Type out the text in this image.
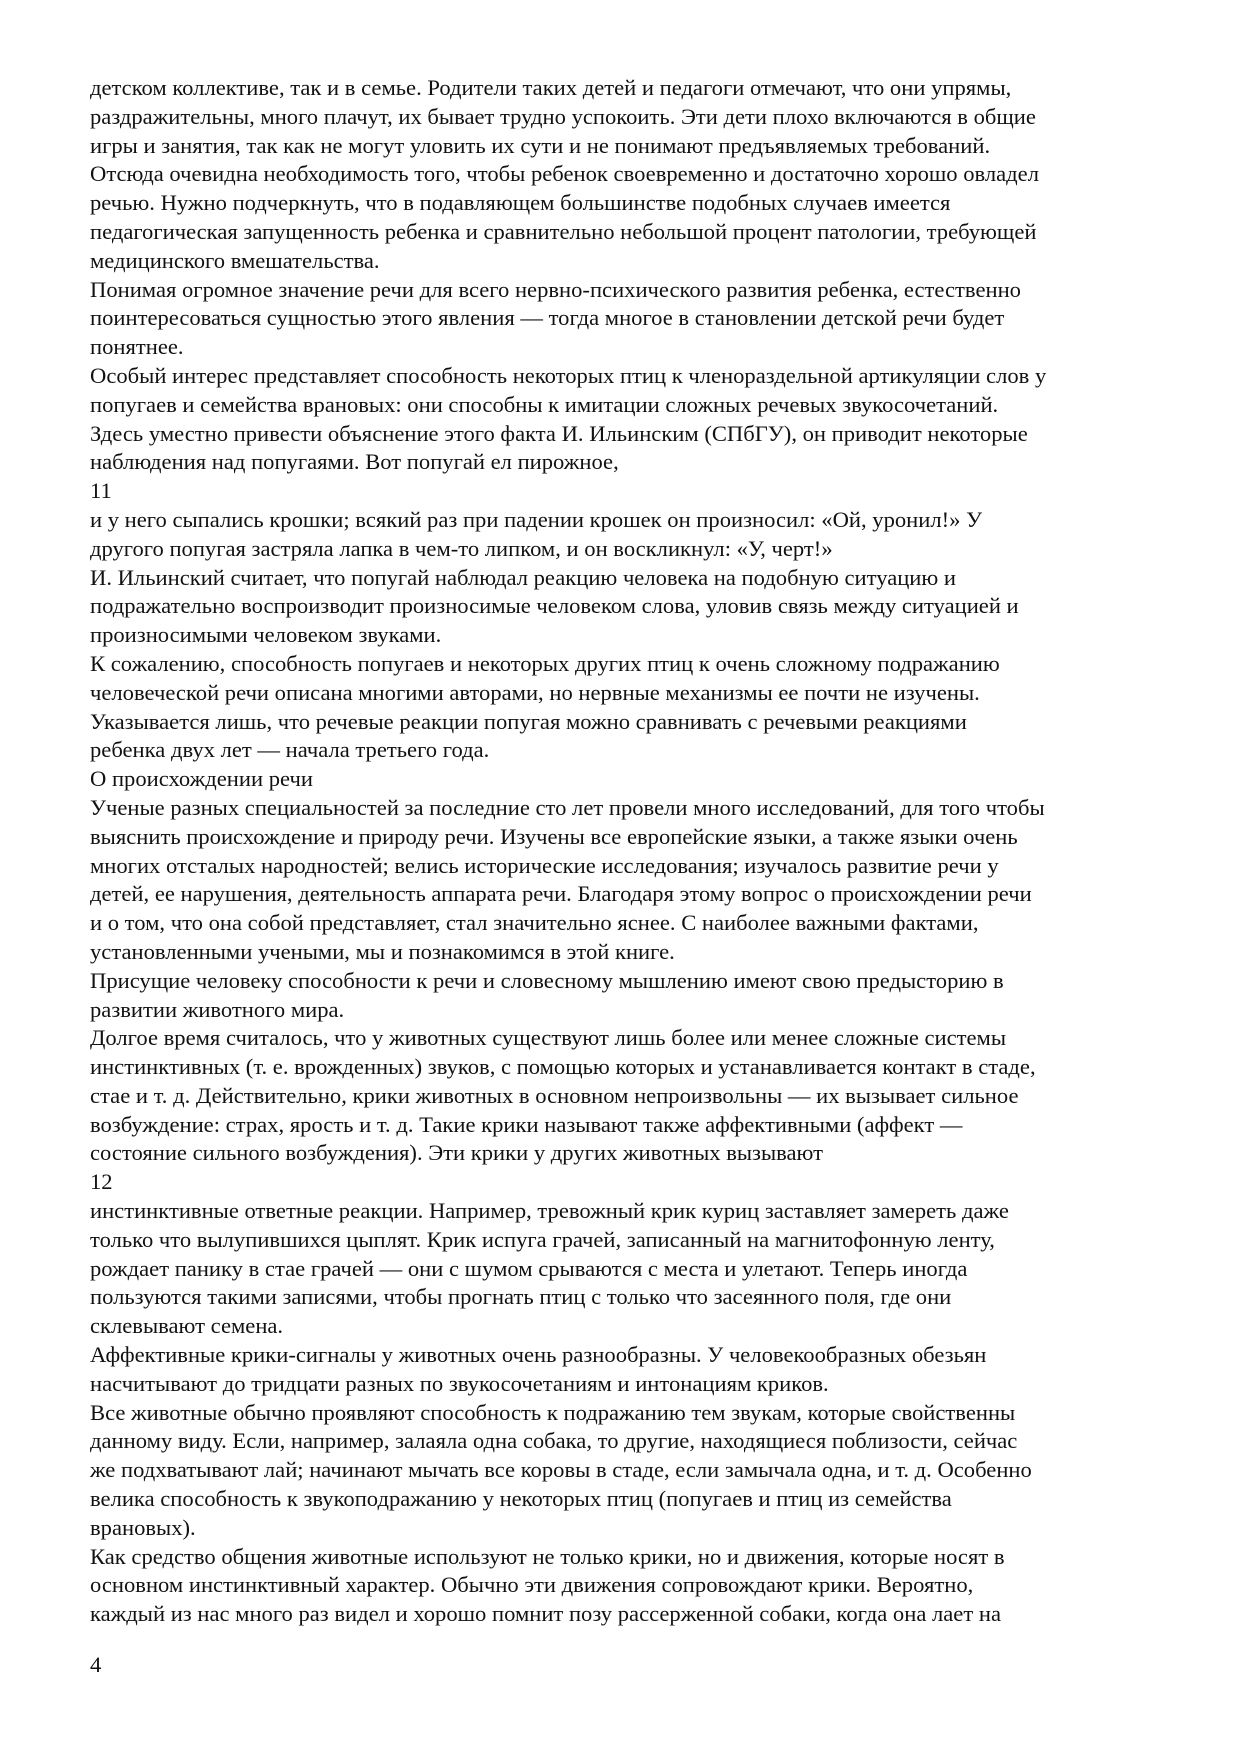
детском коллективе, так и в семье. Родители таких детей и педагоги отмечают, что они упрямы,
раздражительны, много плачут, их бывает трудно успокоить. Эти дети плохо включаются в общие
игры и занятия, так как не могут уловить их сути и не понимают предъявляемых требований.
Отсюда очевидна необходимость того, чтобы ребенок своевременно и достаточно хорошо овладел
речью. Нужно подчеркнуть, что в подавляющем большинстве подобных случаев имеется
педагогическая запущенность ребенка и сравнительно небольшой процент патологии, требующей
медицинского вмешательства.
Понимая огромное значение речи для всего нервно-психического развития ребенка, естественно
поинтересоваться сущностью этого явления — тогда многое в становлении детской речи будет
понятнее.
Особый интерес представляет способность некоторых птиц к членораздельной артикуляции слов у
попугаев и семейства врановых: они способны к имитации сложных речевых звукосочетаний.
Здесь уместно привести объяснение этого факта И. Ильинским (СПбГУ), он приводит некоторые
наблюдения над попугаями. Вот попугай ел пирожное,
11
и у него сыпались крошки; всякий раз при падении крошек он произносил: «Ой, уронил!» У
другого попугая застряла лапка в чем-то липком, и он воскликнул: «У, черт!»
И. Ильинский считает, что попугай наблюдал реакцию человека на подобную ситуацию и
подражательно воспроизводит произносимые человеком слова, уловив связь между ситуацией и
произносимыми человеком звуками.
К сожалению, способность попугаев и некоторых других птиц к очень сложному подражанию
человеческой речи описана многими авторами, но нервные механизмы ее почти не изучены.
Указывается лишь, что речевые реакции попугая можно сравнивать с речевыми реакциями
ребенка двух лет — начала третьего года.
О происхождении речи
Ученые разных специальностей за последние сто лет провели много исследований, для того чтобы
выяснить происхождение и природу речи. Изучены все европейские языки, а также языки очень
многих отсталых народностей; велись исторические исследования; изучалось развитие речи у
детей, ее нарушения, деятельность аппарата речи. Благодаря этому вопрос о происхождении речи
и о том, что она собой представляет, стал значительно яснее. С наиболее важными фактами,
установленными учеными, мы и познакомимся в этой книге.
Присущие человеку способности к речи и словесному мышлению имеют свою предысторию в
развитии животного мира.
Долгое время считалось, что у животных существуют лишь более или менее сложные системы
инстинктивных (т. е. врожденных) звуков, с помощью которых и устанавливается контакт в стаде,
стае и т. д. Действительно, крики животных в основном непроизвольны — их вызывает сильное
возбуждение: страх, ярость и т. д. Такие крики называют также аффективными (аффект —
состояние сильного возбуждения). Эти крики у других животных вызывают
12
инстинктивные ответные реакции. Например, тревожный крик куриц заставляет замереть даже
только что вылупившихся цыплят. Крик испуга грачей, записанный на магнитофонную ленту,
рождает панику в стае грачей — они с шумом срываются с места и улетают. Теперь иногда
пользуются такими записями, чтобы прогнать птиц с только что засеянного поля, где они
склевывают семена.
Аффективные крики-сигналы у животных очень разнообразны. У человекообразных обезьян
насчитывают до тридцати разных по звукосочетаниям и интонациям криков.
Все животные обычно проявляют способность к подражанию тем звукам, которые свойственны
данному виду. Если, например, залаяла одна собака, то другие, находящиеся поблизости, сейчас
же подхватывают лай; начинают мычать все коровы в стаде, если замычала одна, и т. д. Особенно
велика способность к звукоподражанию у некоторых птиц (попугаев и птиц из семейства
врановых).
Как средство общения животные используют не только крики, но и движения, которые носят в
основном инстинктивный характер. Обычно эти движения сопровождают крики. Вероятно,
каждый из нас много раз видел и хорошо помнит позу рассерженной собаки, когда она лает на
4
